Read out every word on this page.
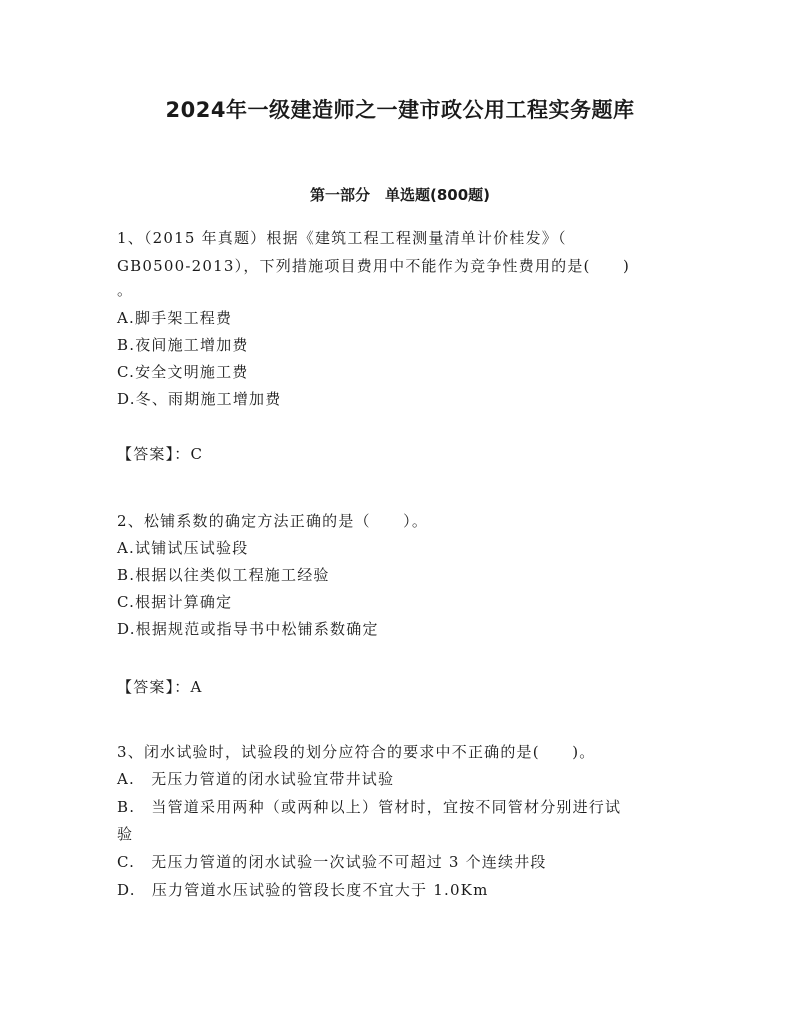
2024年一级建造师之一建市政公用工程实务题库
第一部分　单选题(800题)
1、（2015 年真题）根据《建筑工程工程测量清单计价桂发》（
GB0500-2013），下列措施项目费用中不能作为竞争性费用的是(　　)
。
A.脚手架工程费
B.夜间施工增加费
C.安全文明施工费
D.冬、雨期施工增加费
【答案】：C
2、松铺系数的确定方法正确的是（　　）。
A.试铺试压试验段
B.根据以往类似工程施工经验
C.根据计算确定
D.根据规范或指导书中松铺系数确定
【答案】：A
3、闭水试验时，试验段的划分应符合的要求中不正确的是(　　)。
A.　无压力管道的闭水试验宜带井试验
B.　当管道采用两种（或两种以上）管材时，宜按不同管材分别进行试
验
C.　无压力管道的闭水试验一次试验不可超过 3 个连续井段
D.　压力管道水压试验的管段长度不宜大于 1.0Km
